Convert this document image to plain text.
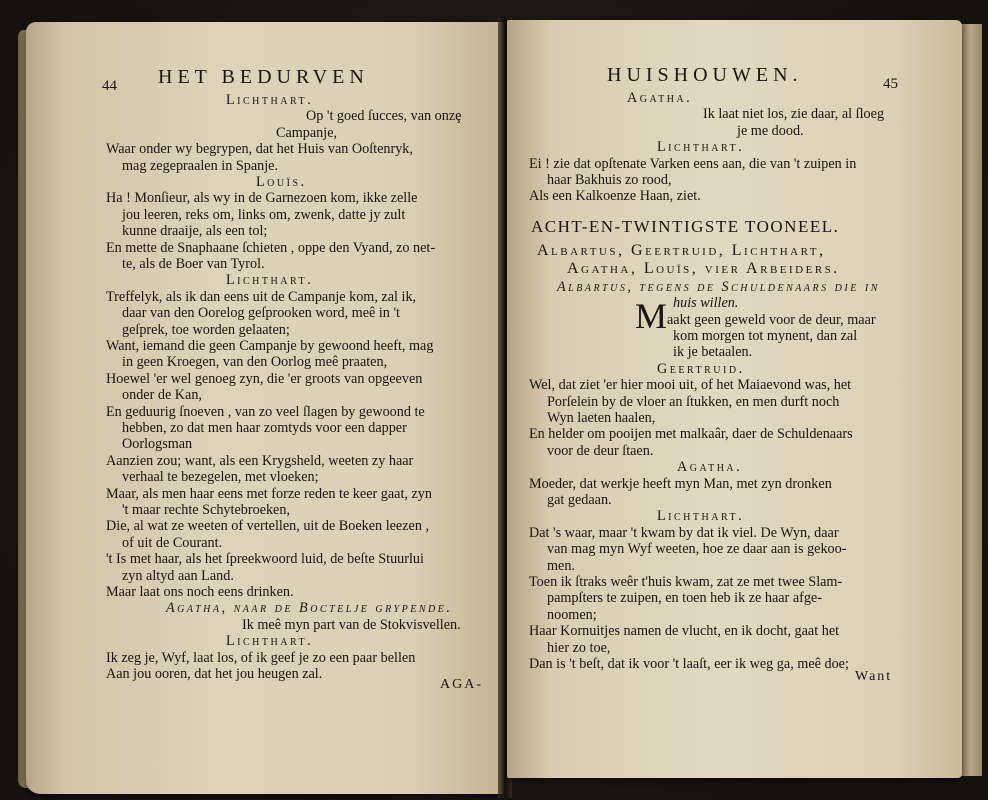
44 HET BEDURVEN
Lichthart.
Op 't goed ſucces, van onzȩ
Campanje,
Waar onder wy begrypen, dat het Huis van Ooſtenryk,
mag zegepraalen in Spanje.
Louïs.
Ha ! Monſieur, als wy in de Garnezoen kom, ikke zelle
jou leeren, reks om, links om, zwenk, datte jy zult
kunne draaije, als een tol;
En mette de Snaphaane ſchieten , oppe den Vyand, zo net-
te, als de Boer van Tyrol.
Lichthart.
Treffelyk, als ik dan eens uit de Campanje kom, zal ik,
daar van den Oorelog geſprooken word, meê in 't
geſprek, toe worden gelaaten;
Want, iemand die geen Campanje by gewoond heeft, mag
in geen Kroegen, van den Oorlog meê praaten,
Hoewel 'er wel genoeg zyn, die 'er groots van opgeeven
onder de Kan,
En geduurig ſnoeven , van zo veel ſlagen by gewoond te
hebben, zo dat men haar zomtyds voor een dapper
Oorlogsman
Aanzien zou; want, als een Krygsheld, weeten zy haar
verhaal te bezegelen, met vloeken;
Maar, als men haar eens met forze reden te keer gaat, zyn
't maar rechte Schytebroeken,
Die, al wat ze weeten of vertellen, uit de Boeken leezen ,
of uit de Courant.
't Is met haar, als het ſpreekwoord luid, de beſte Stuurlui
zyn altyd aan Land.
Maar laat ons noch eens drinken.
Agatha, naar de Boctelje grypende.
Ik meê myn part van de Stokvisvellen.
Lichthart.
Ik zeg je, Wyf, laat los, of ik geef je zo een paar bellen
Aan jou ooren, dat het jou heugen zal.
AGA-
HUISHOUWEN.	45
Agatha.
Ik laat niet los, zie daar, al ſloeg
je me dood.
Lichthart.
Ei ! zie dat opſtenate Varken eens aan, die van 't zuipen in
haar Bakhuis zo rood,
Als een Kalkoenze Haan, ziet.
ACHT-EN-TWINTIGSTE TOONEEL.
Albartus, Geertruid, Lichthart,
Agatha, Louïs, vier Arbeiders.
Albartus, tegens de Schuldenaars die in
M huis willen.
aakt geen geweld voor de deur, maar
kom morgen tot mynent, dan zal
ik je betaalen.
Geertruid.
Wel, dat ziet 'er hier mooi uit, of het Maiaevond was, het
Porſelein by de vloer an ſtukken, en men durft noch
Wyn laeten haalen,
En helder om pooijen met malkaâr, daer de Schuldenaars
voor de deur ſtaen.
Agatha.
Moeder, dat werkje heeft myn Man, met zyn dronken
gat gedaan.
Lichthart.
Dat 's waar, maar 't kwam by dat ik viel. De Wyn, daar
van mag myn Wyf weeten, hoe ze daar aan is gekoo-
men.
Toen ik ſtraks weêr t'huis kwam, zat ze met twee Slam-
pampſters te zuipen, en toen heb ik ze haar afge-
noomen;
Haar Kornuitjes namen de vlucht, en ik docht, gaat het
hier zo toe,
Dan is 't beſt, dat ik voor 't laaſt, eer ik weg ga, meê doe;
Want
